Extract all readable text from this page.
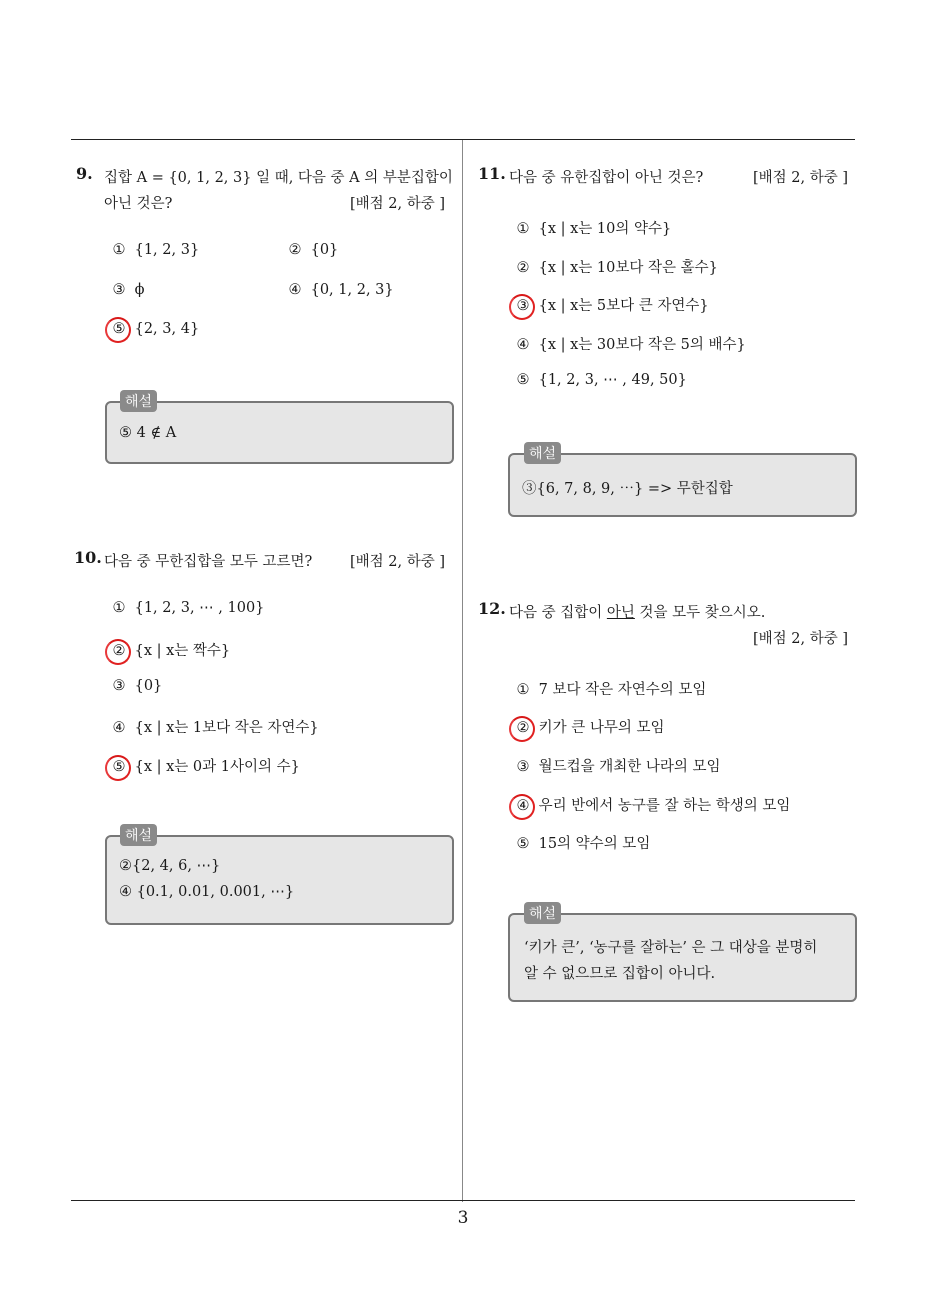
9. 집합 A = {0, 1, 2, 3} 일 때, 다음 중 A 의 부분집합이
아닌 것은?	[배점 2, 하중 ]
① {1, 2, 3}	② {0}
③ ϕ	④ {0, 1, 2, 3}
⑤ {2, 3, 4}
⑤ 4 ∉ A
해설
10. 다음 중 무한집합을 모두 고르면?	[배점 2, 하중 ]
① {1, 2, 3, ⋯ , 100}
② {x | x는 짝수}
③ {0}
④ {x | x는 1보다 작은 자연수}
⑤ {x | x는 0과 1사이의 수}
②{2, 4, 6, ⋯}
④ {0.1, 0.01, 0.001, ⋯}
해설
11. 다음 중 유한집합이 아닌 것은?	[배점 2, 하중 ]
① {x | x는 10의 약수}
② {x | x는 10보다 작은 홀수}
③ {x | x는 5보다 큰 자연수}
④ {x | x는 30보다 작은 5의 배수}
⑤ {1, 2, 3, ⋯ , 49, 50}
③{6, 7, 8, 9, ⋯} => 무한집합
해설
12. 다음 중 집합이 아닌 것을 모두 찾으시오.
[배점 2, 하중 ]
① 7 보다 작은 자연수의 모임
② 키가 큰 나무의 모임
③ 월드컵을 개최한 나라의 모임
④ 우리 반에서 농구를 잘 하는 학생의 모임
⑤ 15의 약수의 모임
‘키가 큰’, ‘농구를 잘하는’ 은 그 대상을 분명히
알 수 없으므로 집합이 아니다.
해설
3
